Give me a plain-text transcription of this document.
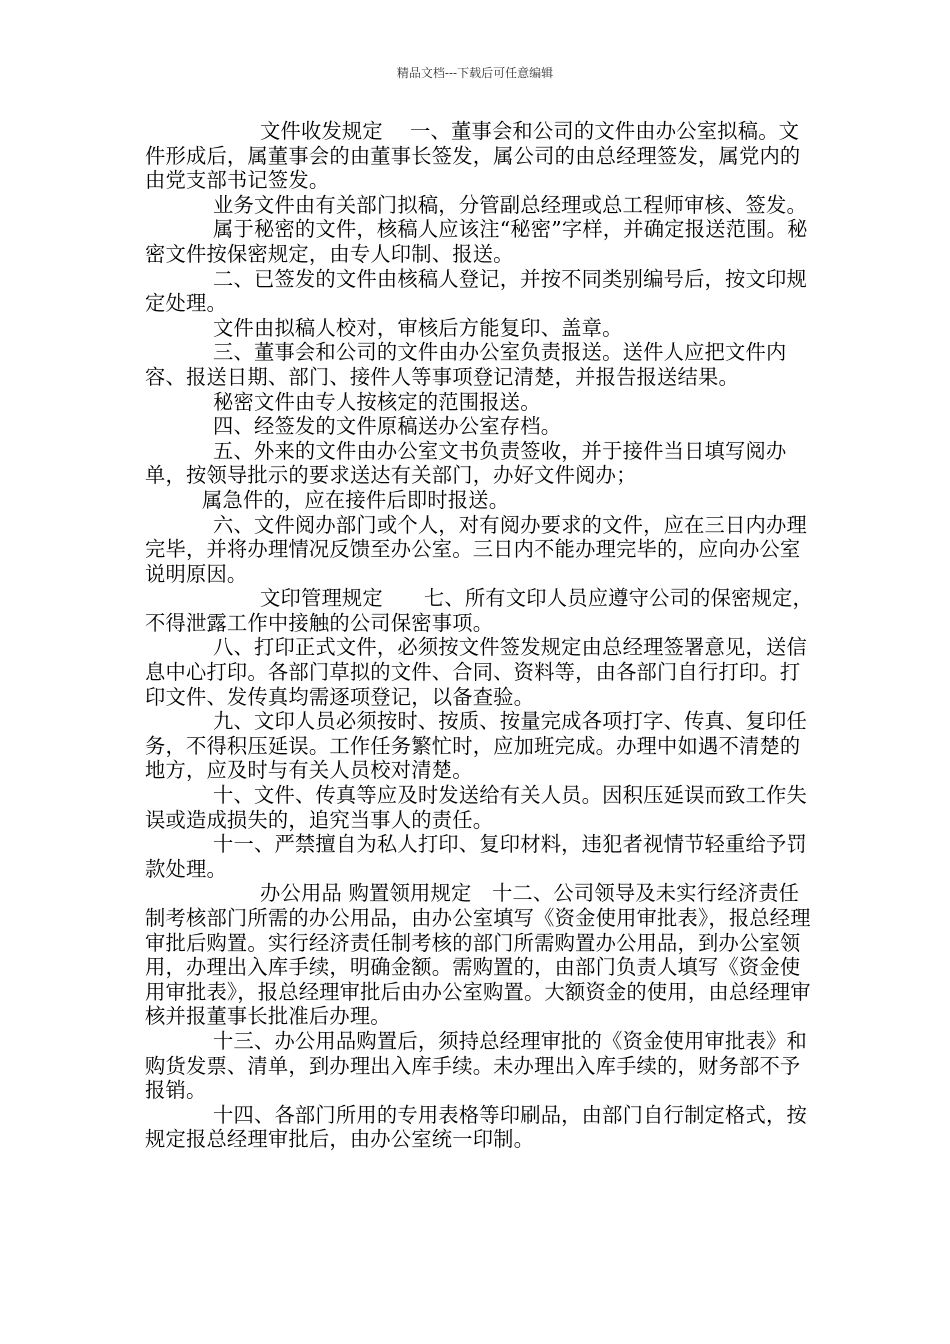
精品文档---下载后可任意编辑

文件收发规定　 一、董事会和公司的文件由办公室拟稿。文件形成后，属董事会的由董事长签发，属公司的由总经理签发，属党内的由党支部书记签发。

业务文件由有关部门拟稿，分管副总经理或总工程师审核、签发。

属于秘密的文件，核稿人应该注“秘密”字样，并确定报送范围。秘密文件按保密规定，由专人印制、报送。

二、已签发的文件由核稿人登记，并按不同类别编号后，按文印规定处理。

文件由拟稿人校对，审核后方能复印、盖章。

三、董事会和公司的文件由办公室负责报送。送件人应把文件内容、报送日期、部门、接件人等事项登记清楚，并报告报送结果。

秘密文件由专人按核定的范围报送。

四、经签发的文件原稿送办公室存档。

五、外来的文件由办公室文书负责签收，并于接件当日填写阅办单，按领导批示的要求送达有关部门，办好文件阅办；

属急件的，应在接件后即时报送。

六、文件阅办部门或个人，对有阅办要求的文件，应在三日内办理完毕，并将办理情况反馈至办公室。三日内不能办理完毕的，应向办公室说明原因。

文印管理规定　　七、所有文印人员应遵守公司的保密规定，不得泄露工作中接触的公司保密事项。

八、打印正式文件，必须按文件签发规定由总经理签署意见，送信息中心打印。各部门草拟的文件、合同、资料等，由各部门自行打印。打印文件、发传真均需逐项登记，以备查验。

九、文印人员必须按时、按质、按量完成各项打字、传真、复印任务，不得积压延误。工作任务繁忙时，应加班完成。办理中如遇不清楚的地方，应及时与有关人员校对清楚。

十、文件、传真等应及时发送给有关人员。因积压延误而致工作失误或造成损失的，追究当事人的责任。

十一、严禁擅自为私人打印、复印材料，违犯者视情节轻重给予罚款处理。

办公用品 购置领用规定　十二、公司领导及未实行经济责任制考核部门所需的办公用品，由办公室填写《资金使用审批表》，报总经理审批后购置。实行经济责任制考核的部门所需购置办公用品，到办公室领用，办理出入库手续，明确金额。需购置的，由部门负责人填写《资金使用审批表》，报总经理审批后由办公室购置。大额资金的使用，由总经理审核并报董事长批准后办理。

十三、办公用品购置后，须持总经理审批的《资金使用审批表》和购货发票、清单，到办理出入库手续。未办理出入库手续的，财务部不予报销。

十四、各部门所用的专用表格等印刷品，由部门自行制定格式，按规定报总经理审批后，由办公室统一印制。
